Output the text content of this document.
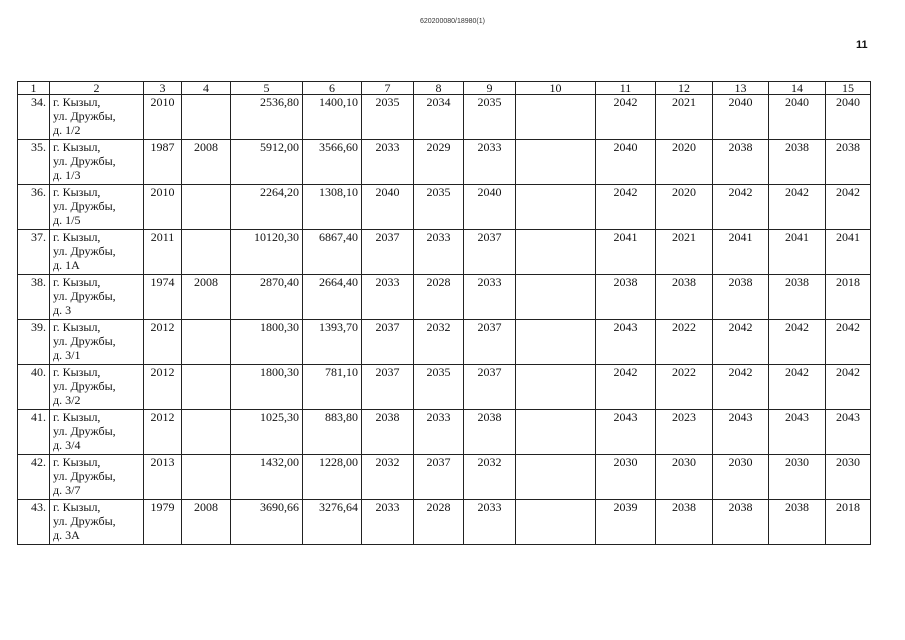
620200080/18980(1)
11
1	2	3	4	5	6	7	8	9	10	11	12	13	14	15
34.	г. Кызыл,
ул. Дружбы,
д. 1/2	2010		2536,80	1400,10	2035	2034	2035		2042	2021	2040	2040	2040
35.	г. Кызыл,
ул. Дружбы,
д. 1/3	1987	2008	5912,00	3566,60	2033	2029	2033		2040	2020	2038	2038	2038
36.	г. Кызыл,
ул. Дружбы,
д. 1/5	2010		2264,20	1308,10	2040	2035	2040		2042	2020	2042	2042	2042
37.	г. Кызыл,
ул. Дружбы,
д. 1А	2011		10120,30	6867,40	2037	2033	2037		2041	2021	2041	2041	2041
38.	г. Кызыл,
ул. Дружбы,
д. 3	1974	2008	2870,40	2664,40	2033	2028	2033		2038	2038	2038	2038	2018
39.	г. Кызыл,
ул. Дружбы,
д. 3/1	2012		1800,30	1393,70	2037	2032	2037		2043	2022	2042	2042	2042
40.	г. Кызыл,
ул. Дружбы,
д. 3/2	2012		1800,30	781,10	2037	2035	2037		2042	2022	2042	2042	2042
41.	г. Кызыл,
ул. Дружбы,
д. 3/4	2012		1025,30	883,80	2038	2033	2038		2043	2023	2043	2043	2043
42.	г. Кызыл,
ул. Дружбы,
д. 3/7	2013		1432,00	1228,00	2032	2037	2032		2030	2030	2030	2030	2030
43.	г. Кызыл,
ул. Дружбы,
д. 3А	1979	2008	3690,66	3276,64	2033	2028	2033		2039	2038	2038	2038	2018
